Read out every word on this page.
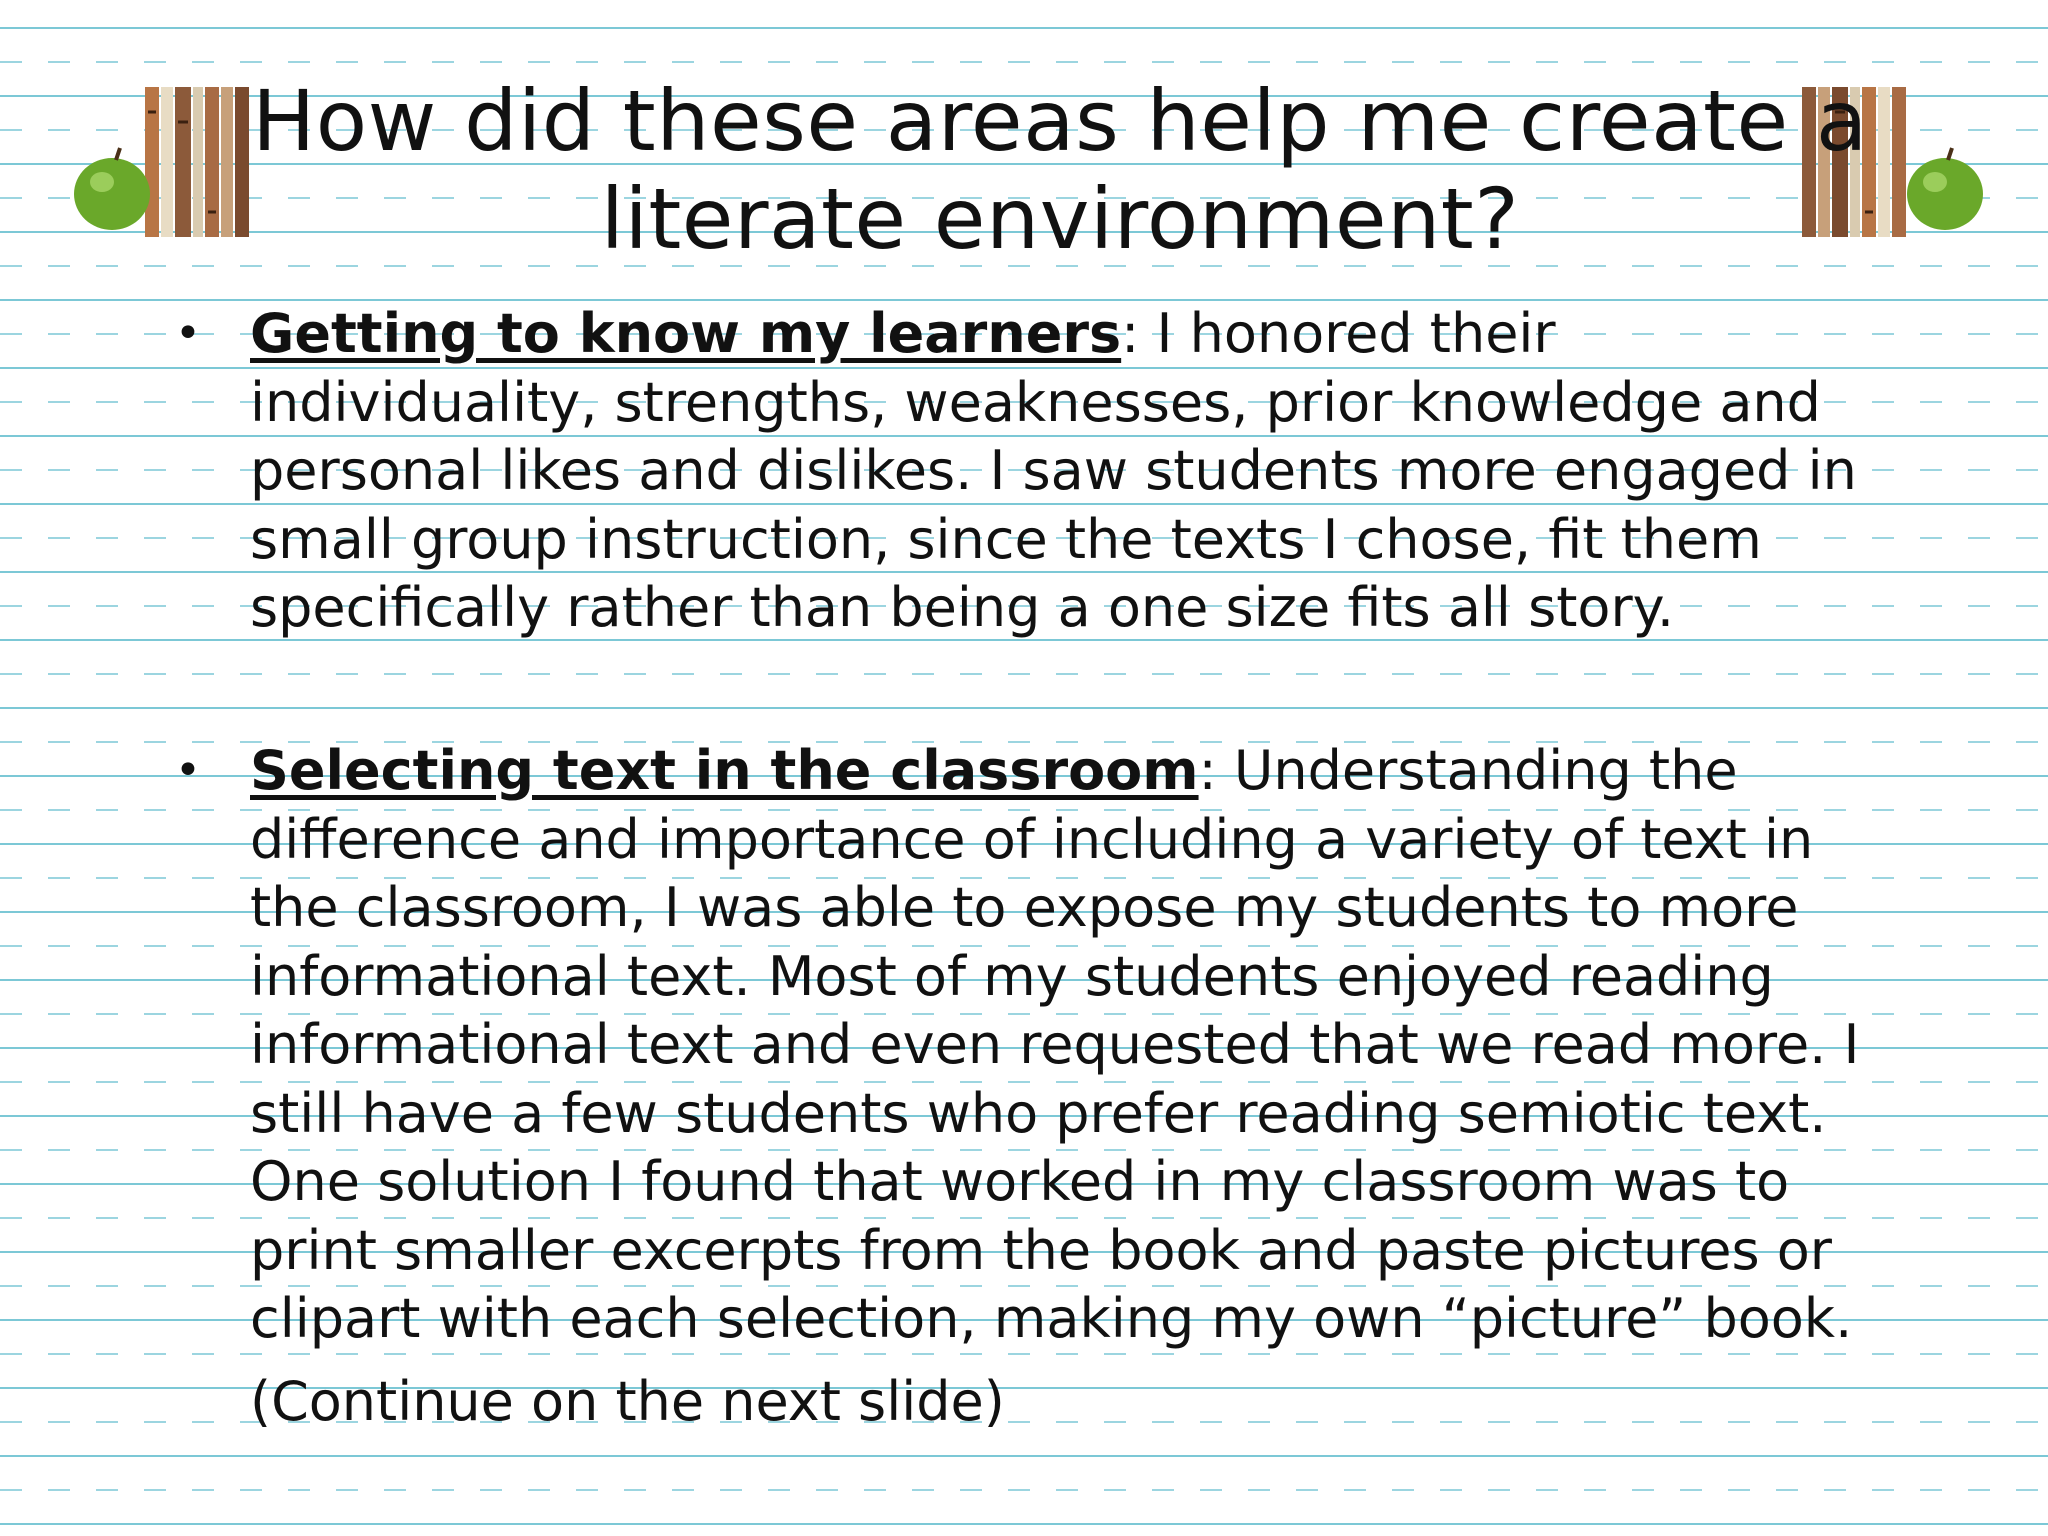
How did these areas help me create a literate environment?
• Getting to know my learners: I honored their individuality, strengths, weaknesses, prior knowledge and personal likes and dislikes. I saw students more engaged in small group instruction, since the texts I chose, fit them specifically rather than being a one size fits all story.
• Selecting text in the classroom: Understanding the difference and importance of including a variety of text in the classroom, I was able to expose my students to more informational text. Most of my students enjoyed reading informational text and even requested that we read more. I still have a few students who prefer reading semiotic text. One solution I found that worked in my classroom was to print smaller excerpts from the book and paste pictures or clipart with each selection, making my own “picture” book.
(Continue on the next slide)
